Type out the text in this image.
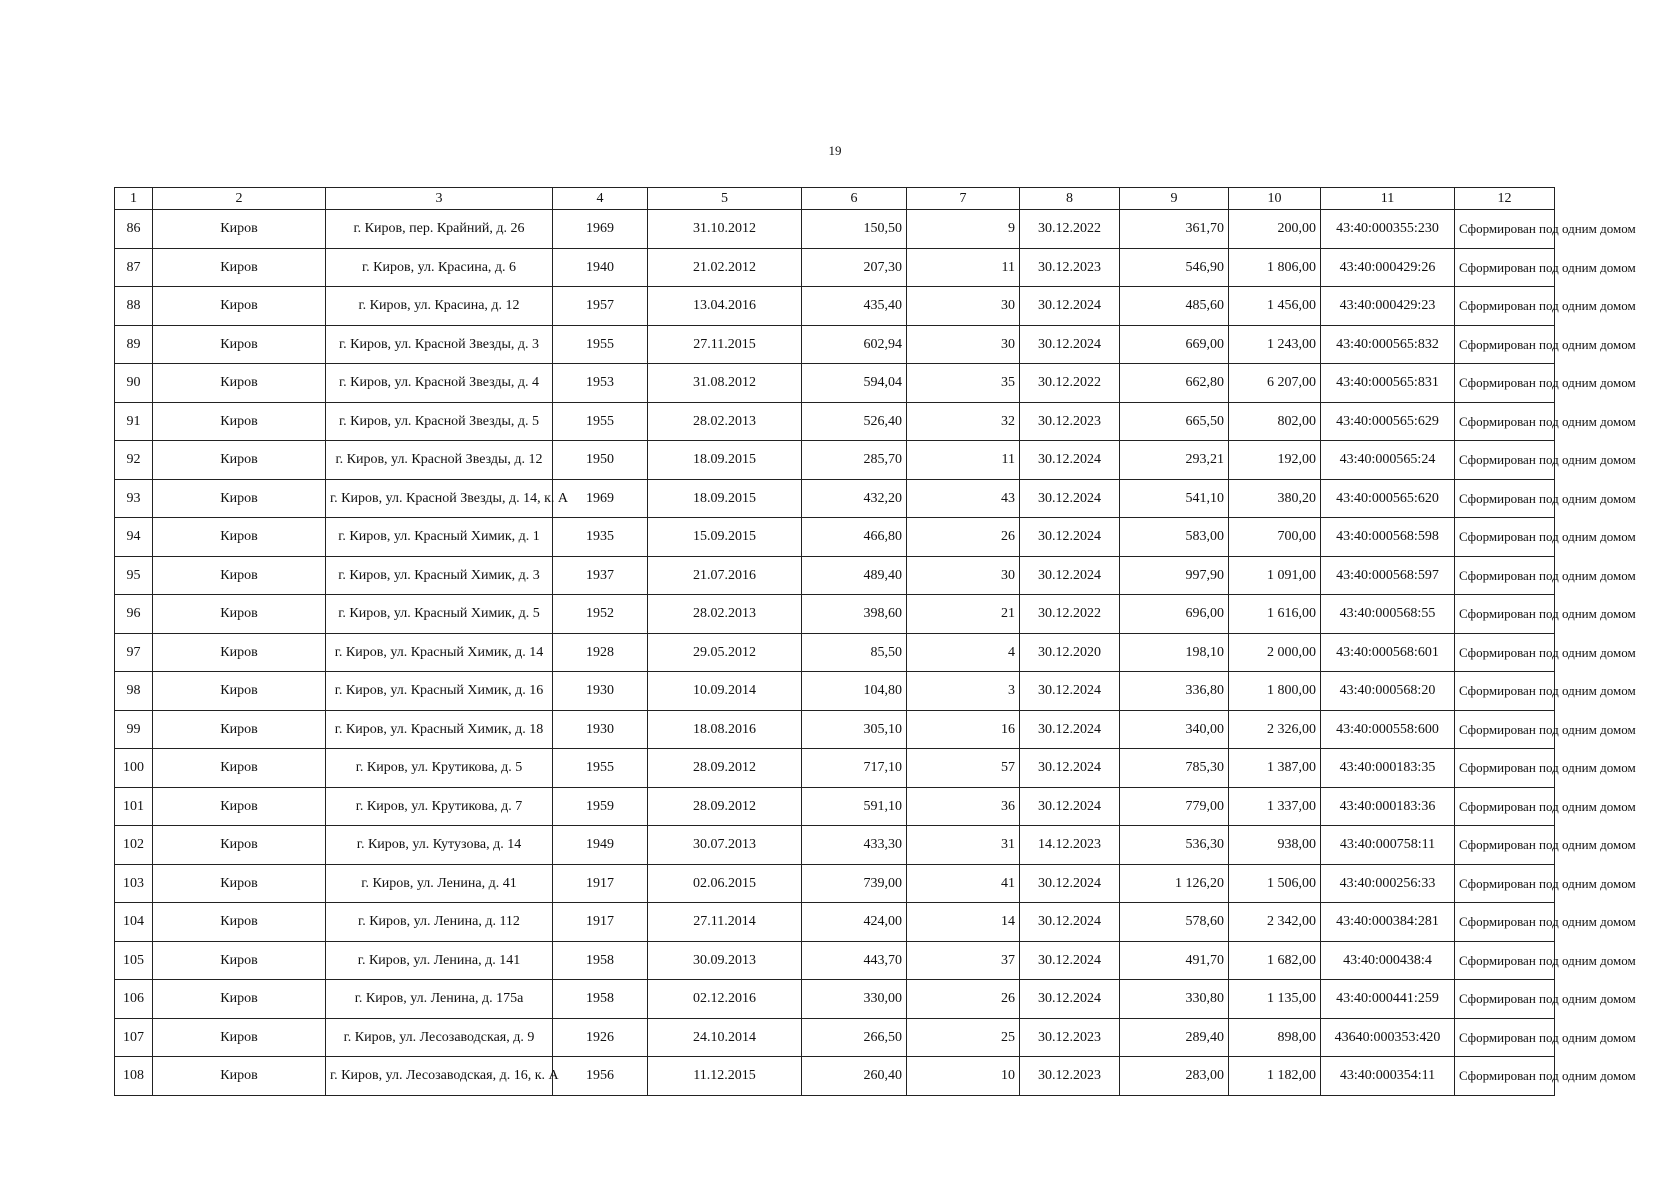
19
1	2	3	4	5	6	7	8	9	10	11	12
86	Киров	г. Киров, пер. Крайний, д. 26	1969	31.10.2012	150,50	9	30.12.2022	361,70	200,00	43:40:000355:230	Сформирован под одним домом
87	Киров	г. Киров, ул. Красина, д. 6	1940	21.02.2012	207,30	11	30.12.2023	546,90	1 806,00	43:40:000429:26	Сформирован под одним домом
88	Киров	г. Киров, ул. Красина, д. 12	1957	13.04.2016	435,40	30	30.12.2024	485,60	1 456,00	43:40:000429:23	Сформирован под одним домом
89	Киров	г. Киров, ул. Красной Звезды, д. 3	1955	27.11.2015	602,94	30	30.12.2024	669,00	1 243,00	43:40:000565:832	Сформирован под одним домом
90	Киров	г. Киров, ул. Красной Звезды, д. 4	1953	31.08.2012	594,04	35	30.12.2022	662,80	6 207,00	43:40:000565:831	Сформирован под одним домом
91	Киров	г. Киров, ул. Красной Звезды, д. 5	1955	28.02.2013	526,40	32	30.12.2023	665,50	802,00	43:40:000565:629	Сформирован под одним домом
92	Киров	г. Киров, ул. Красной Звезды, д. 12	1950	18.09.2015	285,70	11	30.12.2024	293,21	192,00	43:40:000565:24	Сформирован под одним домом
93	Киров	г. Киров, ул. Красной Звезды, д. 14, к. А	1969	18.09.2015	432,20	43	30.12.2024	541,10	380,20	43:40:000565:620	Сформирован под одним домом
94	Киров	г. Киров, ул. Красный Химик, д. 1	1935	15.09.2015	466,80	26	30.12.2024	583,00	700,00	43:40:000568:598	Сформирован под одним домом
95	Киров	г. Киров, ул. Красный Химик, д. 3	1937	21.07.2016	489,40	30	30.12.2024	997,90	1 091,00	43:40:000568:597	Сформирован под одним домом
96	Киров	г. Киров, ул. Красный Химик, д. 5	1952	28.02.2013	398,60	21	30.12.2022	696,00	1 616,00	43:40:000568:55	Сформирован под одним домом
97	Киров	г. Киров, ул. Красный Химик, д. 14	1928	29.05.2012	85,50	4	30.12.2020	198,10	2 000,00	43:40:000568:601	Сформирован под одним домом
98	Киров	г. Киров, ул. Красный Химик, д. 16	1930	10.09.2014	104,80	3	30.12.2024	336,80	1 800,00	43:40:000568:20	Сформирован под одним домом
99	Киров	г. Киров, ул. Красный Химик, д. 18	1930	18.08.2016	305,10	16	30.12.2024	340,00	2 326,00	43:40:000558:600	Сформирован под одним домом
100	Киров	г. Киров, ул. Крутикова, д. 5	1955	28.09.2012	717,10	57	30.12.2024	785,30	1 387,00	43:40:000183:35	Сформирован под одним домом
101	Киров	г. Киров, ул. Крутикова, д. 7	1959	28.09.2012	591,10	36	30.12.2024	779,00	1 337,00	43:40:000183:36	Сформирован под одним домом
102	Киров	г. Киров, ул. Кутузова, д. 14	1949	30.07.2013	433,30	31	14.12.2023	536,30	938,00	43:40:000758:11	Сформирован под одним домом
103	Киров	г. Киров, ул. Ленина, д. 41	1917	02.06.2015	739,00	41	30.12.2024	1 126,20	1 506,00	43:40:000256:33	Сформирован под одним домом
104	Киров	г. Киров, ул. Ленина, д. 112	1917	27.11.2014	424,00	14	30.12.2024	578,60	2 342,00	43:40:000384:281	Сформирован под одним домом
105	Киров	г. Киров, ул. Ленина, д. 141	1958	30.09.2013	443,70	37	30.12.2024	491,70	1 682,00	43:40:000438:4	Сформирован под одним домом
106	Киров	г. Киров, ул. Ленина, д. 175а	1958	02.12.2016	330,00	26	30.12.2024	330,80	1 135,00	43:40:000441:259	Сформирован под одним домом
107	Киров	г. Киров, ул. Лесозаводская, д. 9	1926	24.10.2014	266,50	25	30.12.2023	289,40	898,00	43640:000353:420	Сформирован под одним домом
108	Киров	г. Киров, ул. Лесозаводская, д. 16, к. А	1956	11.12.2015	260,40	10	30.12.2023	283,00	1 182,00	43:40:000354:11	Сформирован под одним домом
